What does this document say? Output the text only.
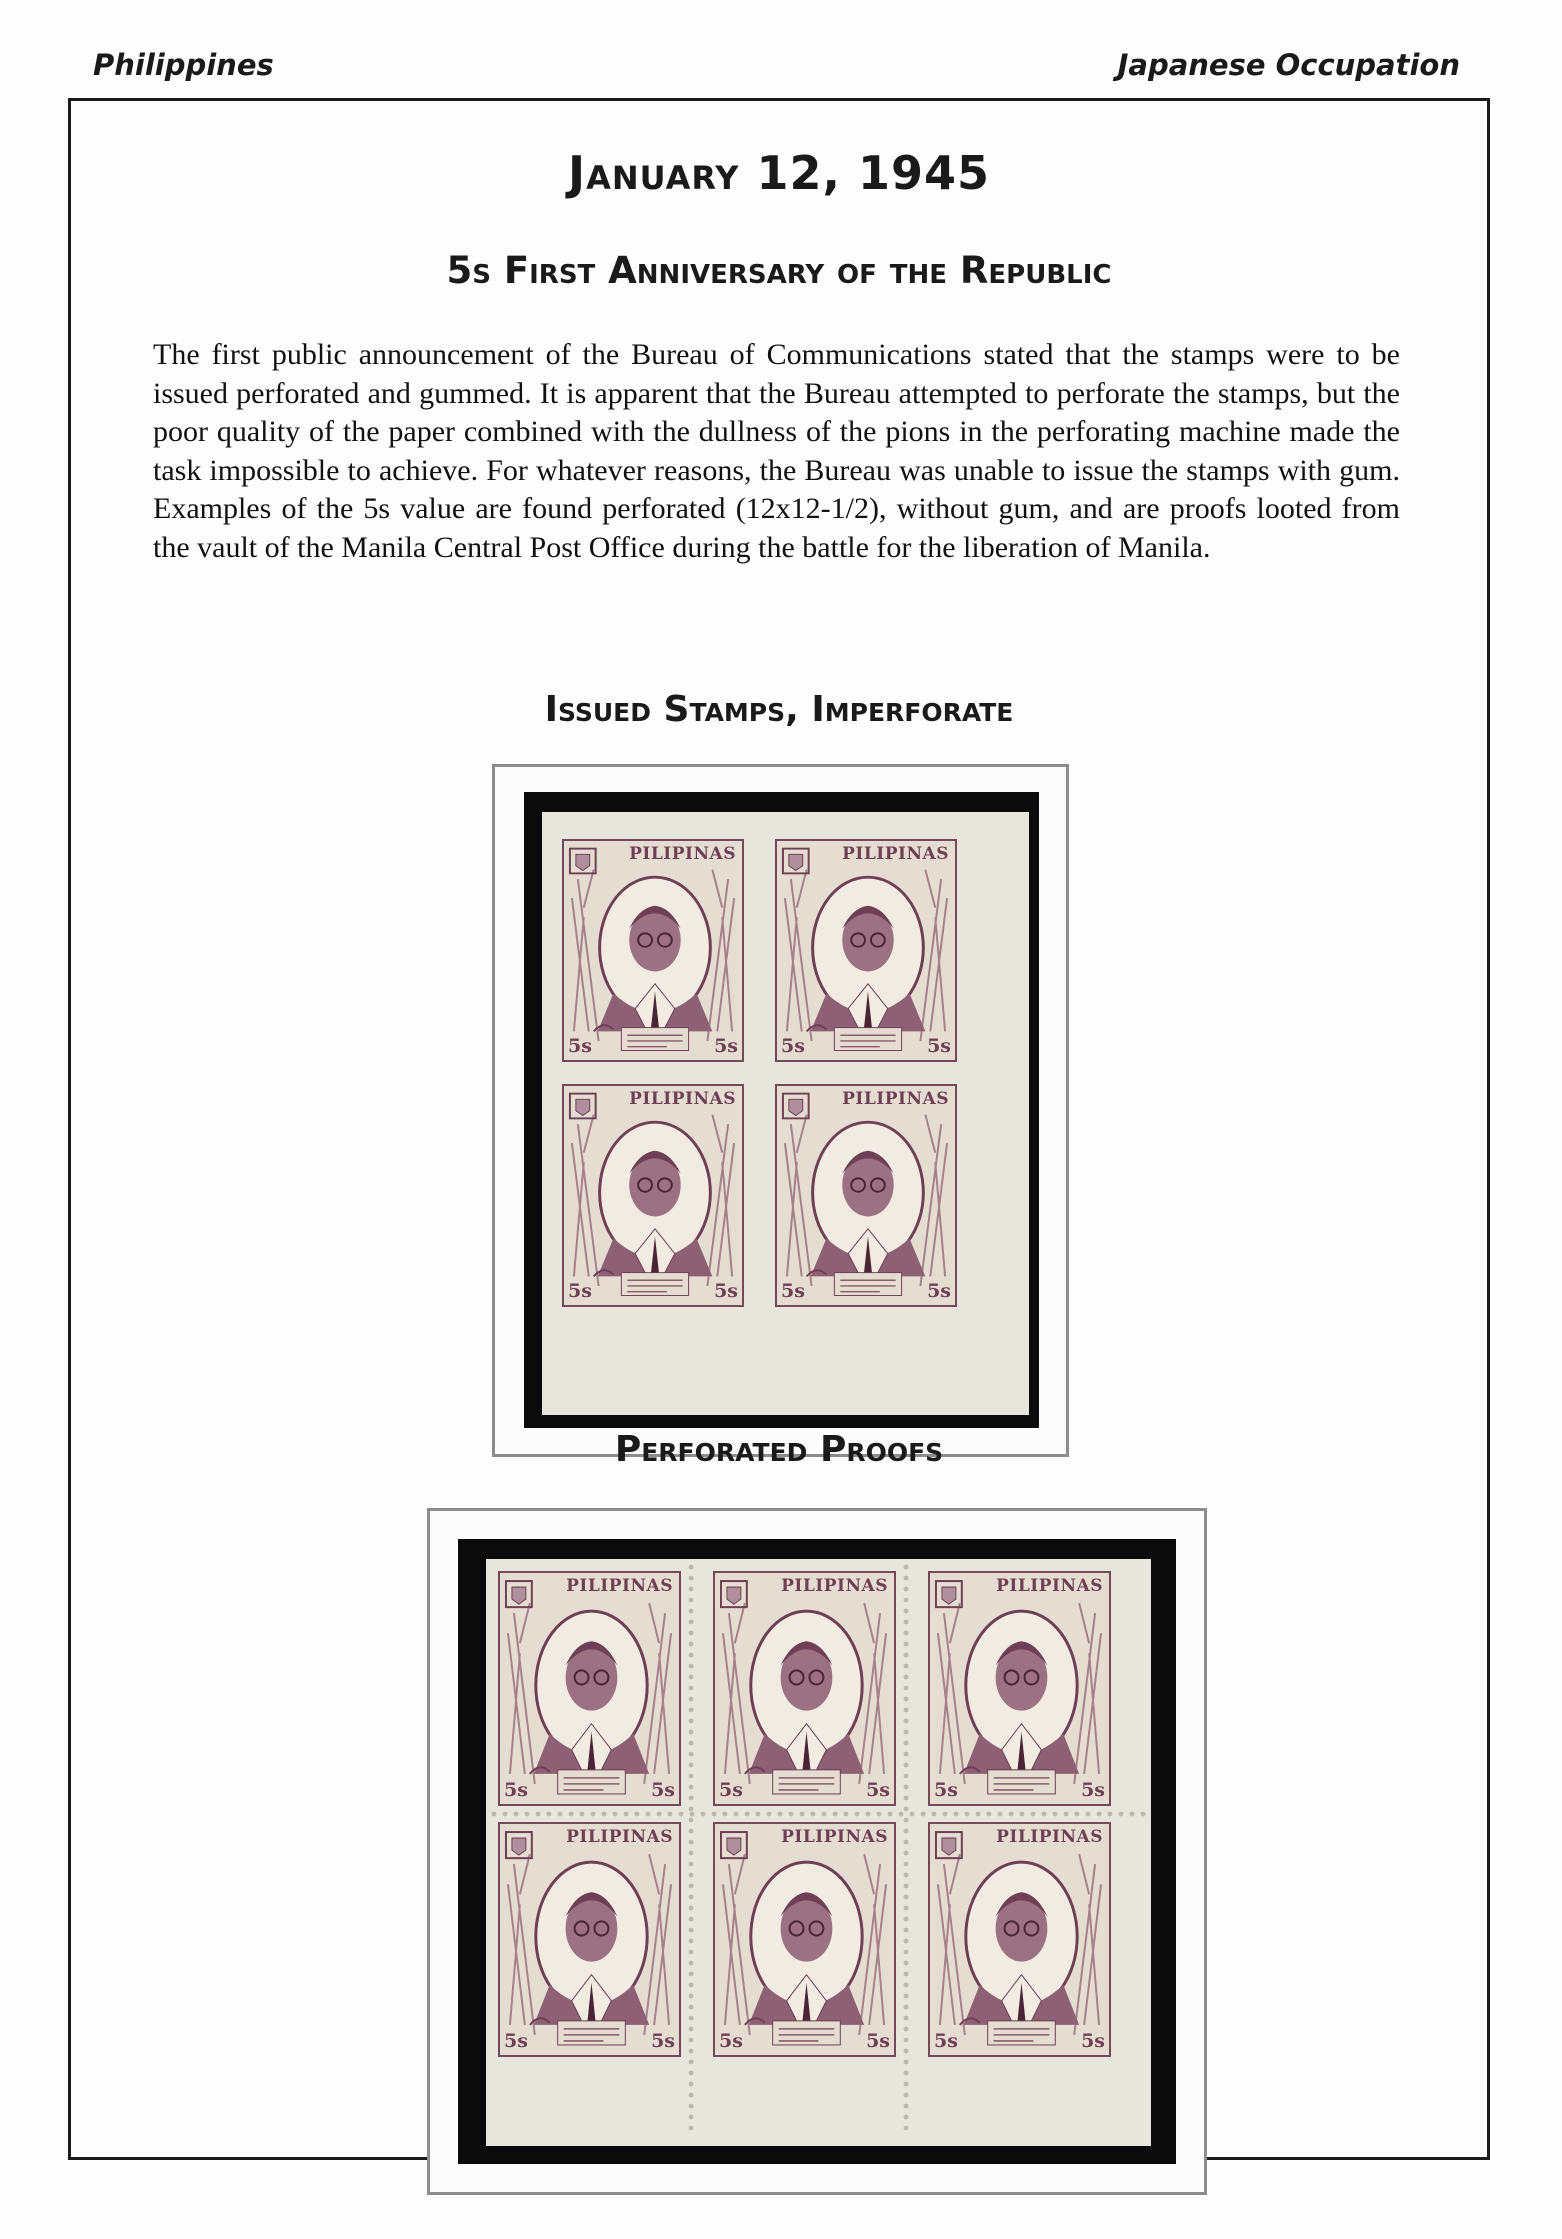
Philippines	Japanese Occupation
January 12, 1945
5s First Anniversary of the Republic
The first public announcement of the Bureau of Communications stated that the stamps were to be issued perforated and gummed. It is apparent that the Bureau attempted to perforate the stamps, but the poor quality of the paper combined with the dullness of the pions in the perforating machine made the task impossible to achieve. For whatever reasons, the Bureau was unable to issue the stamps with gum. Examples of the 5s value are found perforated (12x12-1/2), without gum, and are proofs looted from the vault of the Manila Central Post Office during the battle for the liberation of Manila.
Issued Stamps, Imperforate
PILIPINAS
5s	5s
PILIPINAS
5s	5s
PILIPINAS
5s	5s
PILIPINAS
5s	5s
Perforated Proofs
PILIPINAS
5s	5s
PILIPINAS
5s	5s
PILIPINAS
5s	5s
PILIPINAS
5s	5s
PILIPINAS
5s	5s
PILIPINAS
5s	5s
